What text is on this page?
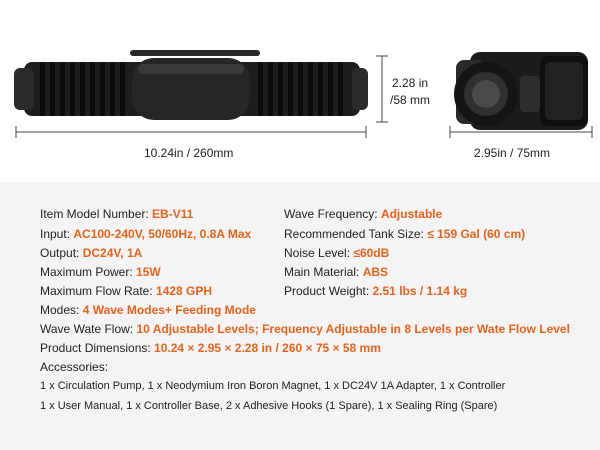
10.24in / 260mm
2.28 in
/58 mm
2.95in / 75mm
Item Model Number: EB-V11	Wave Frequency: Adjustable
Input: AC100-240V, 50/60Hz, 0.8A Max	Recommended Tank Size: ≤ 159 Gal (60 cm)
Output: DC24V, 1A	Noise Level: ≤60dB
Maximum Power: 15W	Main Material: ABS
Maximum Flow Rate: 1428 GPH	Product Weight: 2.51 lbs / 1.14 kg
Modes: 4 Wave Modes+ Feeding Mode
Wave Wate Flow: 10 Adjustable Levels; Frequency Adjustable in 8 Levels per Wate Flow Level
Product Dimensions: 10.24 × 2.95 × 2.28 in / 260 × 75 × 58 mm
Accessories:
1 x Circulation Pump, 1 x Neodymium Iron Boron Magnet, 1 x DC24V 1A Adapter, 1 x Controller
1 x User Manual, 1 x Controller Base, 2 x Adhesive Hooks (1 Spare), 1 x Sealing Ring (Spare)
